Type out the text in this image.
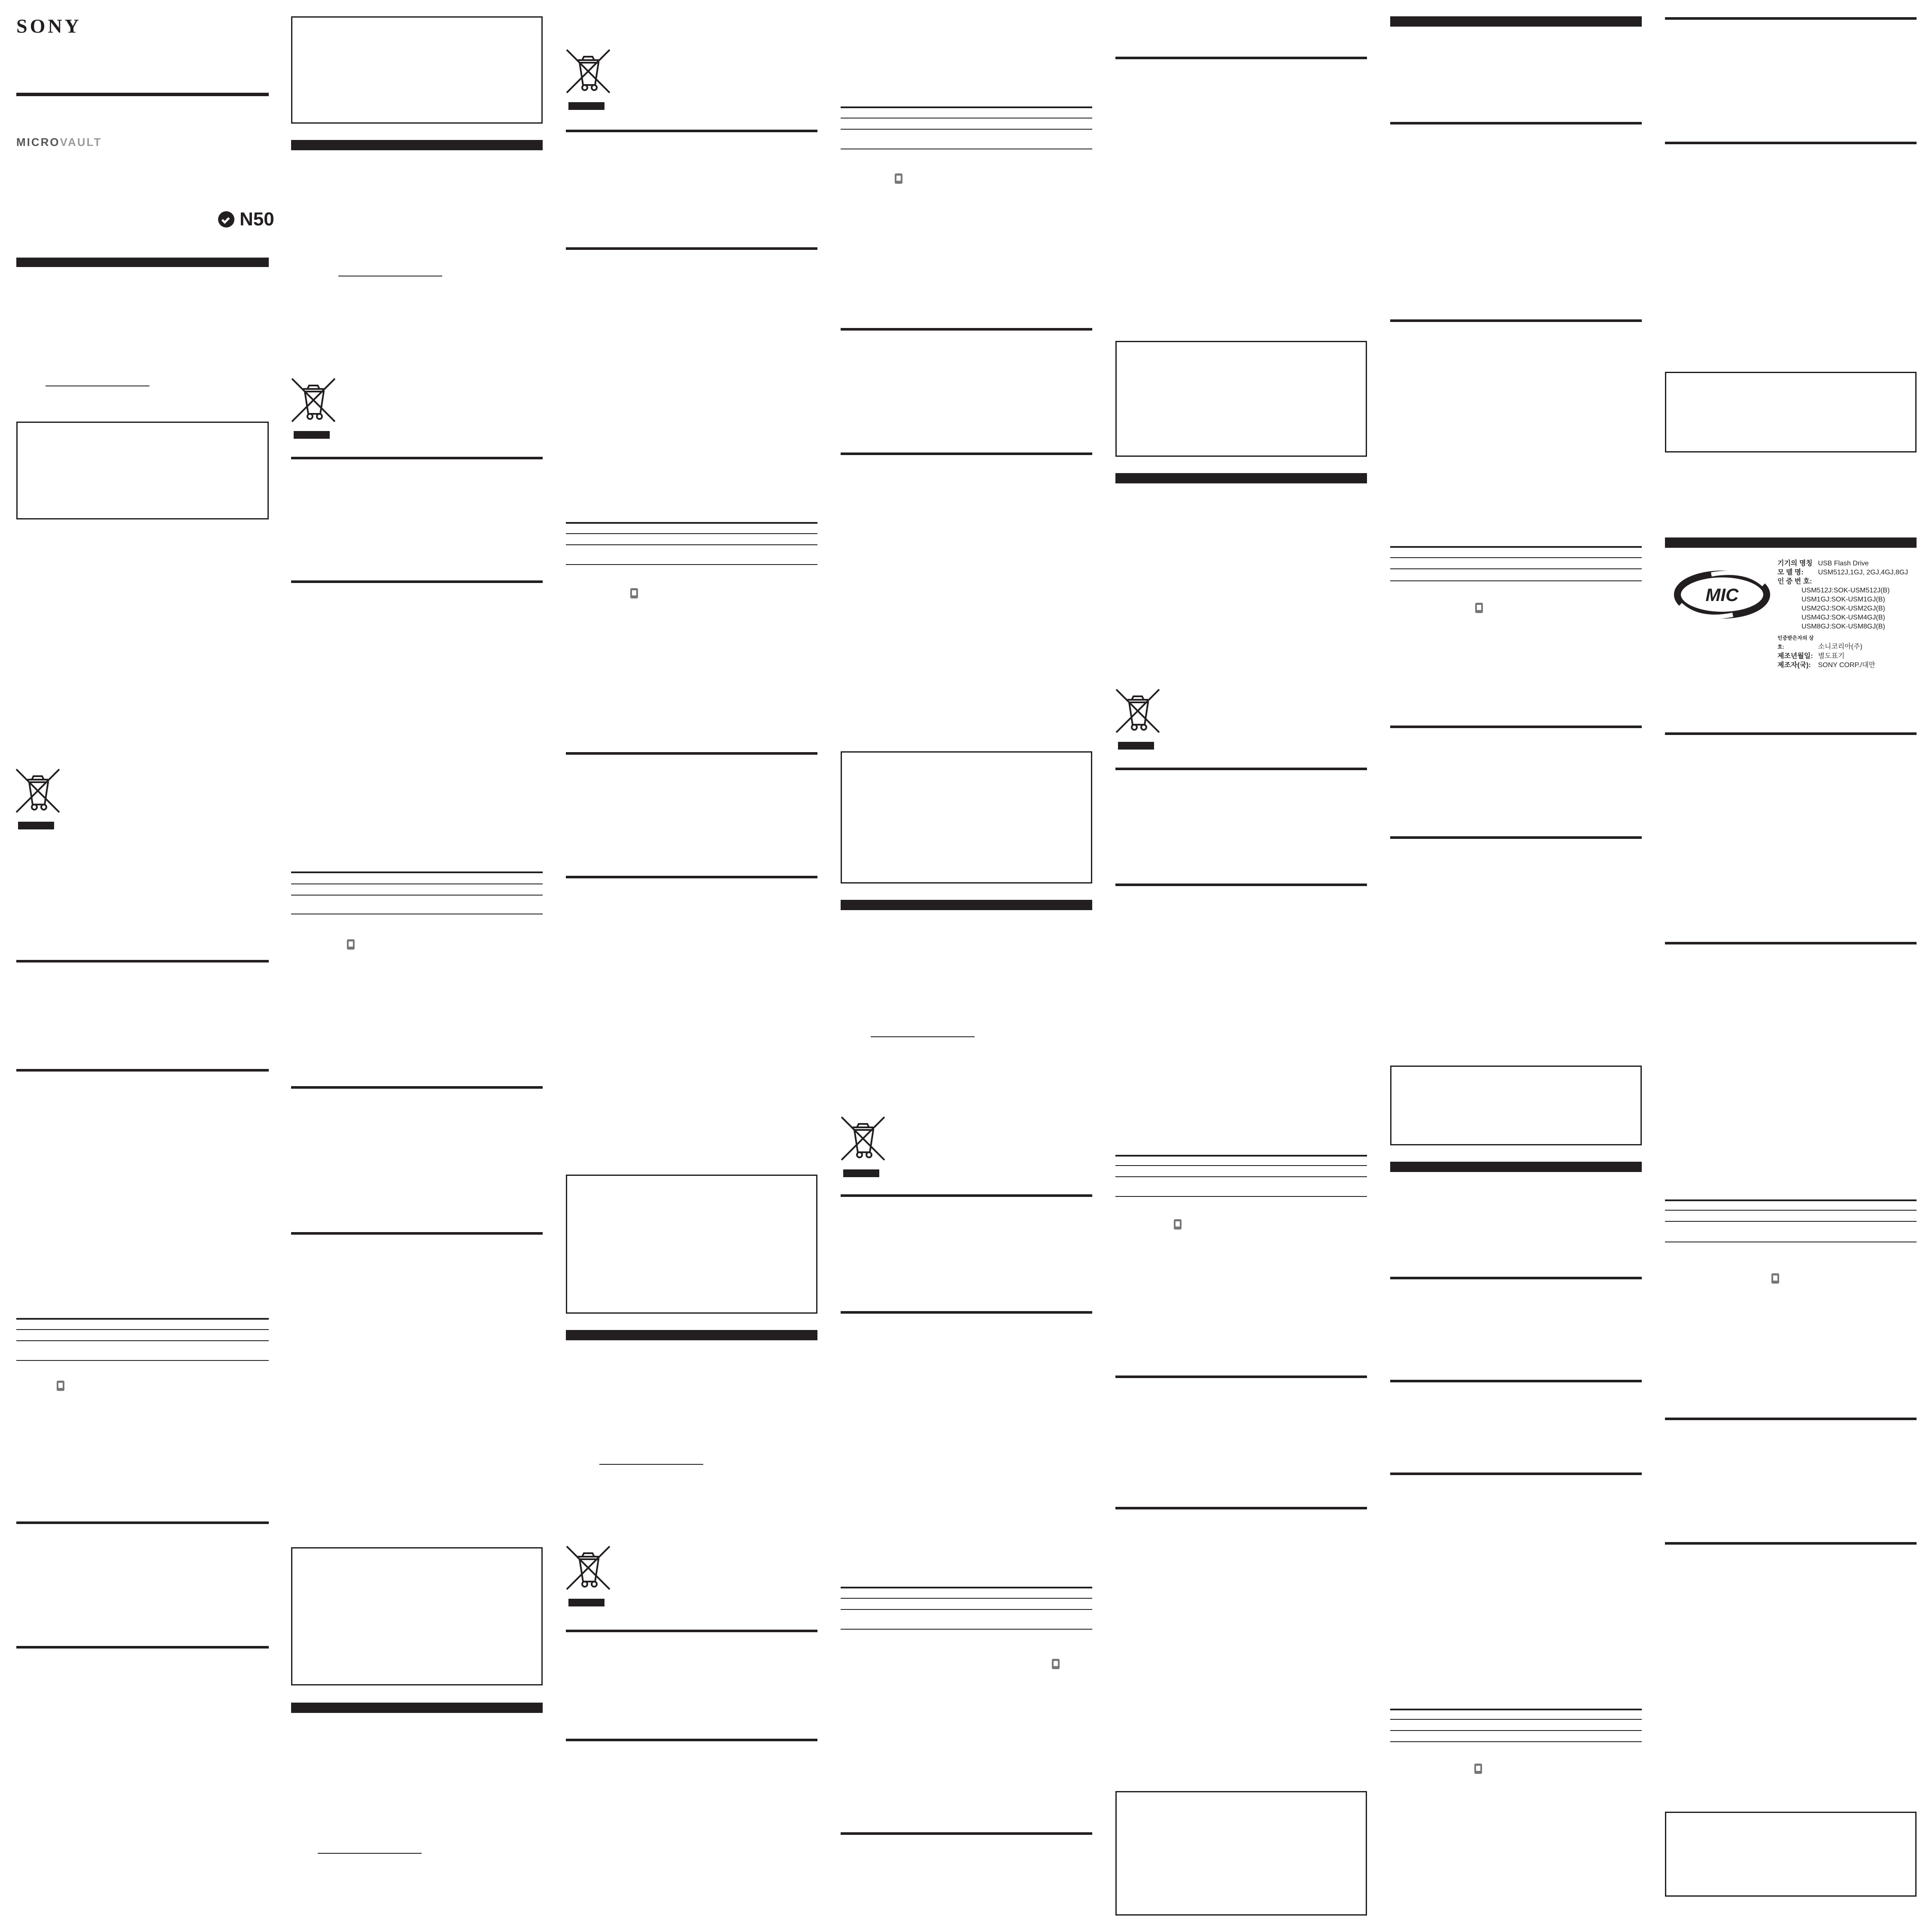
SONY
MICROVAULT
N50
MIC
기기의 명칭 USB Flash Drive
모 델 명: USM512J,1GJ, 2GJ,4GJ,8GJ
인 증 번 호:
USM512J:SOK-USM512J(B)
USM1GJ:SOK-USM1GJ(B)
USM2GJ:SOK-USM2GJ(B)
USM4GJ:SOK-USM4GJ(B)
USM8GJ:SOK-USM8GJ(B)
인증받은자의 상호:	소니코리아(주)
제조년월일: 별도표기
제조자(국): SONY CORP./대만
